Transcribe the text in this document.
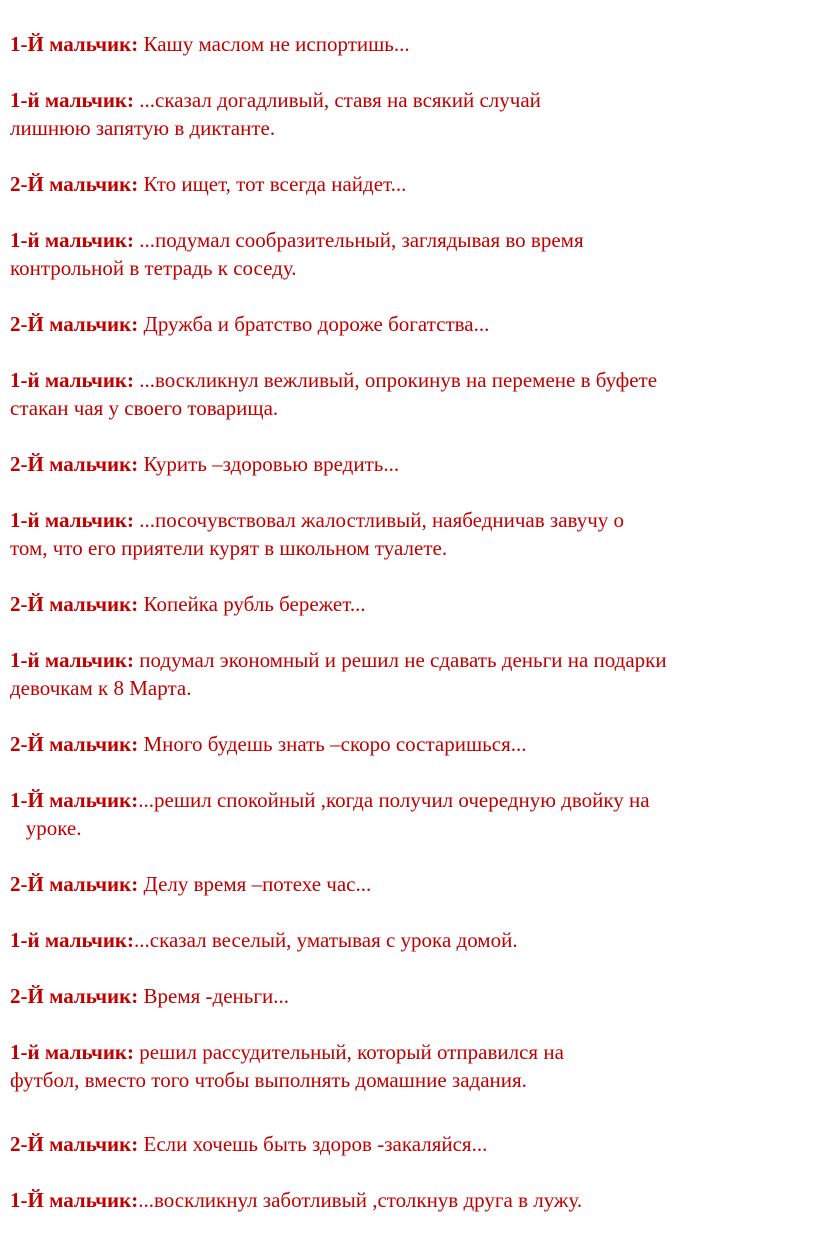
1-Й мальчик: Кашу маслом не испортишь...

1-й мальчик: ...сказал догадливый, ставя на всякий случай

лишнюю запятую в диктанте.

2-Й мальчик: Кто ищет, тот всегда найдет...

1-й мальчик: ...подумал сообразительный, заглядывая во время

контрольной в тетрадь к соседу.

2-Й мальчик: Дружба и братство дороже богатства...

1-й мальчик: ...воскликнул вежливый, опрокинув на перемене в буфете

стакан чая у своего товарища.

2-Й мальчик: Курить –здоровью вредить...

1-й мальчик: ...посочувствовал жалостливый, наябедничав завучу о

том, что его приятели курят в школьном туалете.

2-Й мальчик: Копейка рубль бережет...

1-й мальчик: подумал экономный и решил не сдавать деньги на подарки

девочкам к 8 Марта.

2-Й мальчик: Много будешь знать –скоро состаришься...

1-Й мальчик:...решил спокойный ,когда получил очередную двойку на

уроке.

2-Й мальчик: Делу время –потехе час...

1-й мальчик:...сказал веселый, уматывая с урока домой.

2-Й мальчик: Время -деньги...

1-й мальчик: решил рассудительный, который отправился на

футбол, вместо того чтобы выполнять домашние задания.

2-Й мальчик: Если хочешь быть здоров -закаляйся...

1-Й мальчик:...воскликнул заботливый ,столкнув друга в лужу.
